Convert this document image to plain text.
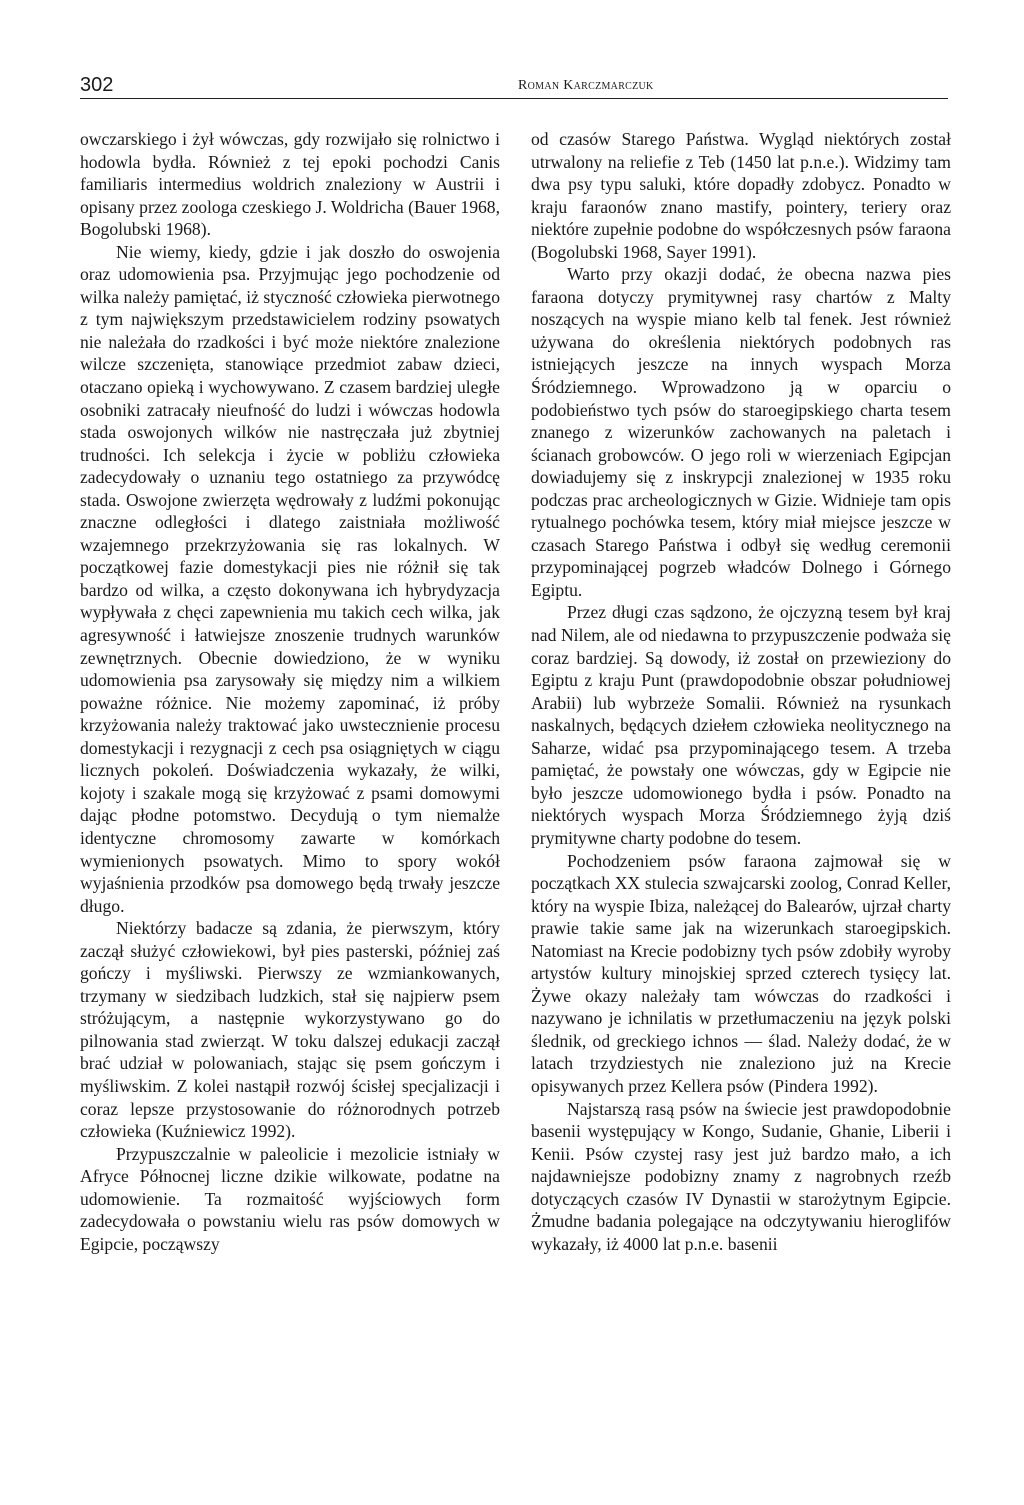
302	Roman Karczmarczuk

owczarskiego i żył wówczas, gdy rozwijało się rolnictwo i hodowla bydła. Również z tej epoki pochodzi Canis familiaris intermedius woldrich znaleziony w Austrii i opisany przez zoologa czeskiego J. Woldricha (Bauer 1968, Bogolubski 1968).

Nie wiemy, kiedy, gdzie i jak doszło do oswojenia oraz udomowienia psa. Przyjmując jego pochodzenie od wilka należy pamiętać, iż styczność człowieka pierwotnego z tym największym przedstawicielem rodziny psowatych nie należała do rzadkości i być może niektóre znalezione wilcze szczenięta, stanowiące przedmiot zabaw dzieci, otaczano opieką i wychowywano. Z czasem bardziej uległe osobniki zatracały nieufność do ludzi i wówczas hodowla stada oswojonych wilków nie nastręczała już zbytniej trudności. Ich selekcja i życie w pobliżu człowieka zadecydowały o uznaniu tego ostatniego za przywódcę stada. Oswojone zwierzęta wędrowały z ludźmi pokonując znaczne odległości i dlatego zaistniała możliwość wzajemnego przekrzyżowania się ras lokalnych. W początkowej fazie domestykacji pies nie różnił się tak bardzo od wilka, a często dokonywana ich hybrydyzacja wypływała z chęci zapewnienia mu takich cech wilka, jak agresywność i łatwiejsze znoszenie trudnych warunków zewnętrznych. Obecnie dowiedziono, że w wyniku udomowienia psa zarysowały się między nim a wilkiem poważne różnice. Nie możemy zapominać, iż próby krzyżowania należy traktować jako uwstecznienie procesu domestykacji i rezygnacji z cech psa osiągniętych w ciągu licznych pokoleń. Doświadczenia wykazały, że wilki, kojoty i szakale mogą się krzyżować z psami domowymi dając płodne potomstwo. Decydują o tym niemalże identyczne chromosomy zawarte w komórkach wymienionych psowatych. Mimo to spory wokół wyjaśnienia przodków psa domowego będą trwały jeszcze długo.

Niektórzy badacze są zdania, że pierwszym, który zaczął służyć człowiekowi, był pies pasterski, później zaś gończy i myśliwski. Pierwszy ze wzmiankowanych, trzymany w siedzibach ludzkich, stał się najpierw psem stróżującym, a następnie wykorzystywano go do pilnowania stad zwierząt. W toku dalszej edukacji zaczął brać udział w polowaniach, stając się psem gończym i myśliwskim. Z kolei nastąpił rozwój ścisłej specjalizacji i coraz lepsze przystosowanie do różnorodnych potrzeb człowieka (Kuźniewicz 1992).

Przypuszczalnie w paleolicie i mezolicie istniały w Afryce Północnej liczne dzikie wilkowate, podatne na udomowienie. Ta rozmaitość wyjściowych form zadecydowała o powstaniu wielu ras psów domowych w Egipcie, począwszy

od czasów Starego Państwa. Wygląd niektórych został utrwalony na reliefie z Teb (1450 lat p.n.e.). Widzimy tam dwa psy typu saluki, które dopadły zdobycz. Ponadto w kraju faraonów znano mastify, pointery, teriery oraz niektóre zupełnie podobne do współczesnych psów faraona (Bogolubski 1968, Sayer 1991).

Warto przy okazji dodać, że obecna nazwa pies faraona dotyczy prymitywnej rasy chartów z Malty noszących na wyspie miano kelb tal fenek. Jest również używana do określenia niektórych podobnych ras istniejących jeszcze na innych wyspach Morza Śródziemnego. Wprowadzono ją w oparciu o podobieństwo tych psów do staroegipskiego charta tesem znanego z wizerunków zachowanych na paletach i ścianach grobowców. O jego roli w wierzeniach Egipcjan dowiadujemy się z inskrypcji znalezionej w 1935 roku podczas prac archeologicznych w Gizie. Widnieje tam opis rytualnego pochówka tesem, który miał miejsce jeszcze w czasach Starego Państwa i odbył się według ceremonii przypominającej pogrzeb władców Dolnego i Górnego Egiptu.

Przez długi czas sądzono, że ojczyzną tesem był kraj nad Nilem, ale od niedawna to przypuszczenie podważa się coraz bardziej. Są dowody, iż został on przewieziony do Egiptu z kraju Punt (prawdopodobnie obszar południowej Arabii) lub wybrzeże Somalii. Również na rysunkach naskalnych, będących dziełem człowieka neolitycznego na Saharze, widać psa przypominającego tesem. A trzeba pamiętać, że powstały one wówczas, gdy w Egipcie nie było jeszcze udomowionego bydła i psów. Ponadto na niektórych wyspach Morza Śródziemnego żyją dziś prymitywne charty podobne do tesem.

Pochodzeniem psów faraona zajmował się w początkach XX stulecia szwajcarski zoolog, Conrad Keller, który na wyspie Ibiza, należącej do Balearów, ujrzał charty prawie takie same jak na wizerunkach staroegipskich. Natomiast na Krecie podobizny tych psów zdobiły wyroby artystów kultury minojskiej sprzed czterech tysięcy lat. Żywe okazy należały tam wówczas do rzadkości i nazywano je ichnilatis w przetłumaczeniu na język polski ślednik, od greckiego ichnos — ślad. Należy dodać, że w latach trzydziestych nie znaleziono już na Krecie opisywanych przez Kellera psów (Pindera 1992).

Najstarszą rasą psów na świecie jest prawdopodobnie basenii występujący w Kongo, Sudanie, Ghanie, Liberii i Kenii. Psów czystej rasy jest już bardzo mało, a ich najdawniejsze podobizny znamy z nagrobnych rzeźb dotyczących czasów IV Dynastii w starożytnym Egipcie. Żmudne badania polegające na odczytywaniu hieroglifów wykazały, iż 4000 lat p.n.e. basenii
